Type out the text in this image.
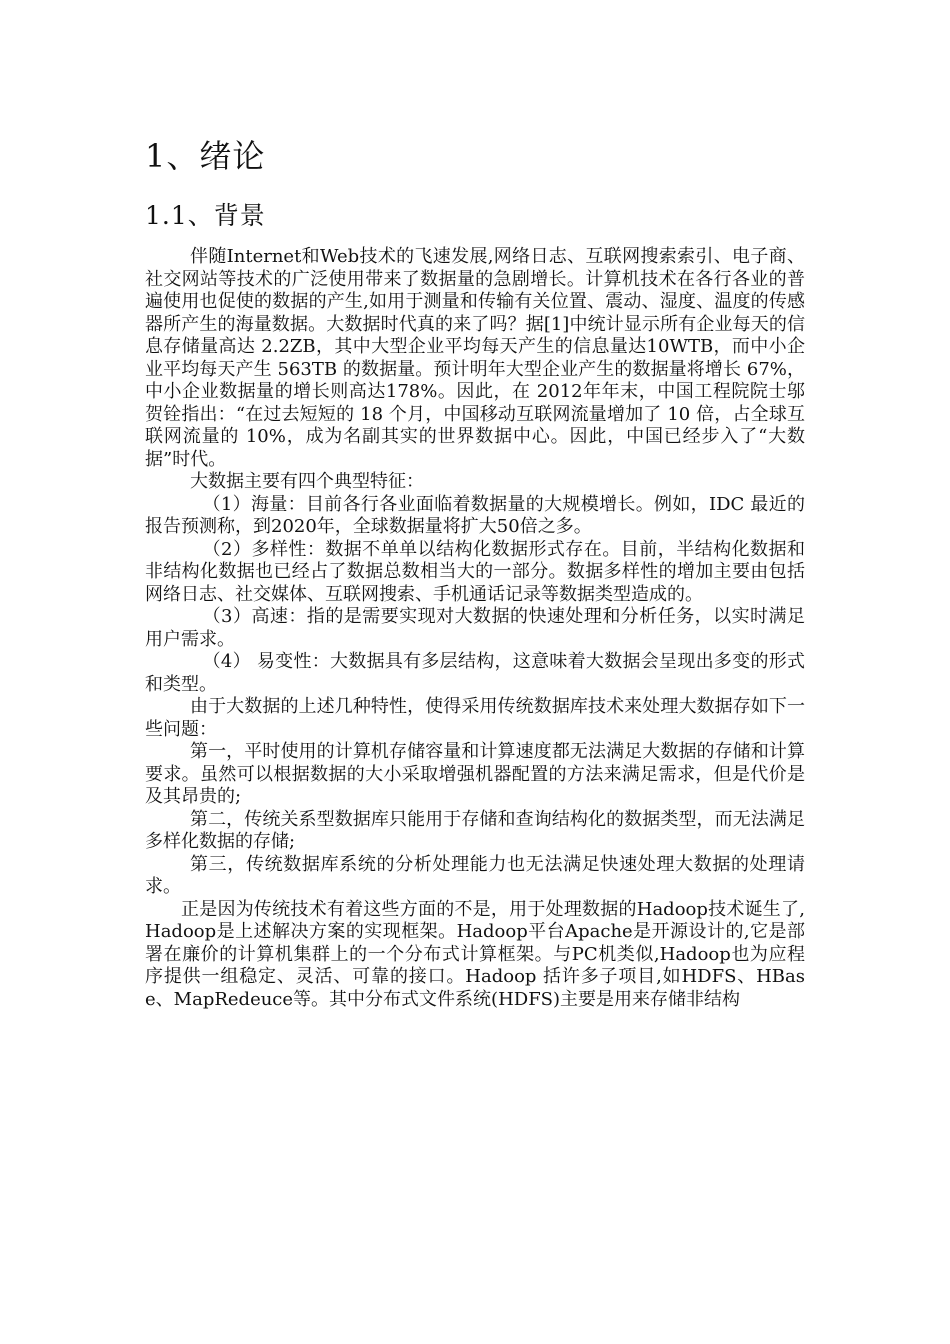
1、绪论
1.1、背景

伴随Internet和Web技术的飞速发展,网络日志、互联网搜索索引、电子商、社交网站等技术的广泛使用带来了数据量的急剧增长。计算机技术在各行各业的普遍使用也促使的数据的产生,如用于测量和传输有关位置、震动、湿度、温度的传感器所产生的海量数据。大数据时代真的来了吗？据[1]中统计显示所有企业每天的信息存储量高达 2.2ZB，其中大型企业平均每天产生的信息量达10WTB，而中小企业平均每天产生 563TB 的数据量。预计明年大型企业产生的数据量将增长 67%，中小企业数据量的增长则高达178%。因此，在 2012年年末，中国工程院院士邬贺铨指出：“在过去短短的 18 个月，中国移动互联网流量增加了 10 倍，占全球互联网流量的 10%，成为名副其实的世界数据中心。因此，中国已经步入了“大数据”时代。

大数据主要有四个典型特征：

（1）海量：目前各行各业面临着数据量的大规模增长。例如，IDC 最近的报告预测称，到2020年，全球数据量将扩大50倍之多。

（2）多样性：数据不单单以结构化数据形式存在。目前，半结构化数据和非结构化数据也已经占了数据总数相当大的一部分。数据多样性的增加主要由包括网络日志、社交媒体、互联网搜索、手机通话记录等数据类型造成的。

（3）高速：指的是需要实现对大数据的快速处理和分析任务，以实时满足用户需求。

（4） 易变性：大数据具有多层结构，这意味着大数据会呈现出多变的形式和类型。

由于大数据的上述几种特性，使得采用传统数据库技术来处理大数据存如下一些问题：

第一，平时使用的计算机存储容量和计算速度都无法满足大数据的存储和计算要求。虽然可以根据数据的大小采取增强机器配置的方法来满足需求，但是代价是及其昂贵的;

第二，传统关系型数据库只能用于存储和查询结构化的数据类型，而无法满足多样化数据的存储;

第三，传统数据库系统的分析处理能力也无法满足快速处理大数据的处理请求。

正是因为传统技术有着这些方面的不是，用于处理数据的Hadoop技术诞生了,Hadoop是上述解决方案的实现框架。Hadoop平台Apache是开源设计的,它是部署在廉价的计算机集群上的一个分布式计算框架。与PC机类似,Hadoop也为应程序提供一组稳定、灵活、可靠的接口。Hadoop 括许多子项目,如HDFS、HBase、MapRedeuce等。其中分布式文件系统(HDFS)主要是用来存储非结构
